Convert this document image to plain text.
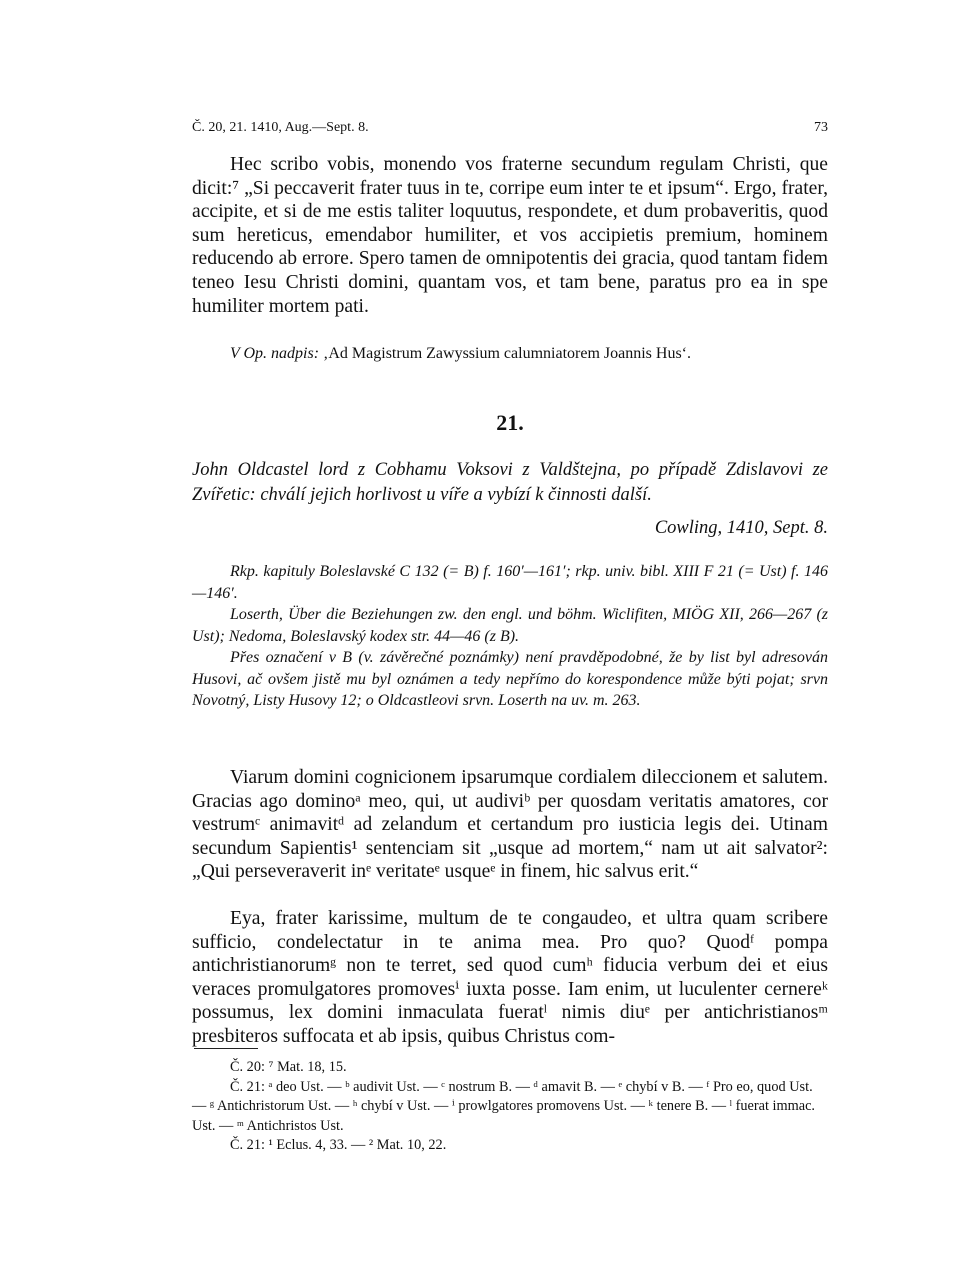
Č. 20, 21. 1410, Aug.—Sept. 8.	73
Hec scribo vobis, monendo vos fraterne secundum regulam Christi, que dicit:⁷ „Si peccaverit frater tuus in te, corripe eum inter te et ipsum“. Ergo, frater, accipite, et si de me estis taliter loquutus, respondete, et dum probaveritis, quod sum hereticus, emendabor humiliter, et vos accipietis premium, hominem reducendo ab errore. Spero tamen de omnipotentis dei gracia, quod tantam fidem teneo Iesu Christi domini, quantam vos, et tam bene, paratus pro ea in spe humiliter mortem pati.
V Op. nadpis: ‚Ad Magistrum Zawyssium calumniatorem Joannis Hus‘.
21.
John Oldcastel lord z Cobhamu Voksovi z Valdštejna, po případě Zdislavovi ze Zvířetic: chválí jejich horlivost u víře a vybízí k činnosti další.
Cowling, 1410, Sept. 8.
Rkp. kapituly Boleslavské C 132 (= B) f. 160′—161′; rkp. univ. bibl. XIII F 21 (= Ust) f. 146—146′.
Loserth, Über die Beziehungen zw. den engl. und böhm. Wiclifiten, MIÖG XII, 266—267 (z Ust); Nedoma, Boleslavský kodex str. 44—46 (z B).
Přes označení v B (v. závěrečné poznámky) není pravděpodobné, že by list byl adresován Husovi, ač ovšem jistě mu byl oznámen a tedy nepřímo do korespondence může býti pojat; srvn Novotný, Listy Husovy 12; o Oldcastleovi srvn. Loserth na uv. m. 263.
Viarum domini cognicionem ipsarumque cordialem dileccionem et salutem. Gracias ago dominoᵃ meo, qui, ut audiviᵇ per quosdam veritatis amatores, cor vestrumᶜ animavitᵈ ad zelandum et certandum pro iusticia legis dei. Utinam secundum Sapientis¹ sentenciam sit „usque ad mortem,“ nam ut ait salvator²: „Qui perseveraverit inᵉ veritateᵉ usqueᵉ in finem, hic salvus erit.“
Eya, frater karissime, multum de te congaudeo, et ultra quam scribere sufficio, condelectatur in te anima mea. Pro quo? Quodᶠ pompa antichristianorumᵍ non te terret, sed quod cumʰ fiducia verbum dei et eius veraces promulgatores promovesⁱ iuxta posse. Iam enim, ut luculenter cernereᵏ possumus, lex domini inmaculata fueratˡ nimis diuᵉ per antichristianosᵐ presbiteros suffocata et ab ipsis, quibus Christus com-
Č. 20: ⁷ Mat. 18, 15.
Č. 21: ᵃ deo Ust. — ᵇ audivit Ust. — ᶜ nostrum B. — ᵈ amavit B. — ᵉ chybí v B. — ᶠ Pro eo, quod Ust. — ᵍ Antichristorum Ust. — ʰ chybí v Ust. — ⁱ prowlgatores promovens Ust. — ᵏ tenere B. — ˡ fuerat immac. Ust. — ᵐ Antichristos Ust.
Č. 21: ¹ Eclus. 4, 33. — ² Mat. 10, 22.
